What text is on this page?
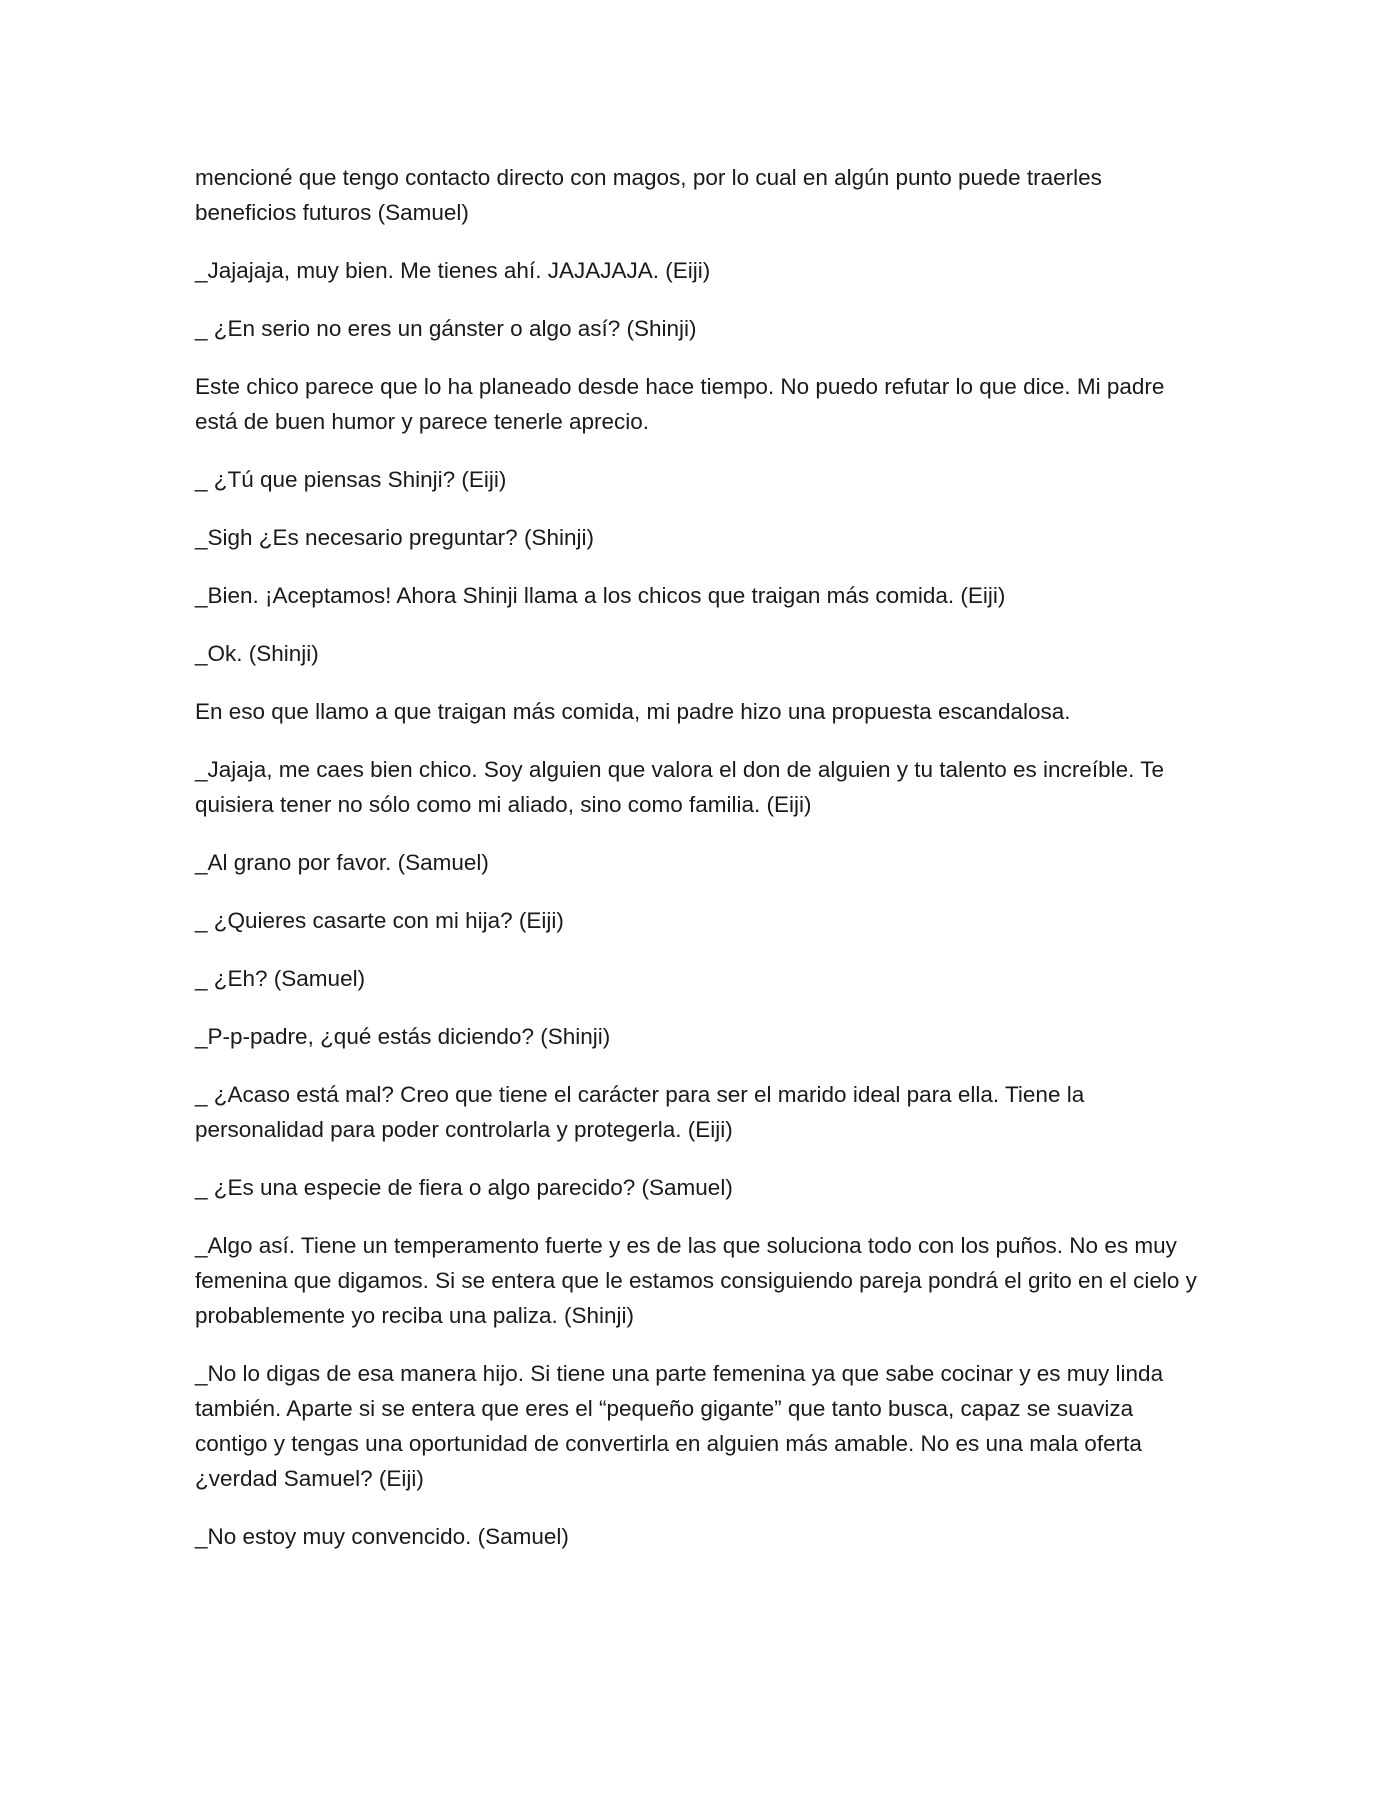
mencioné que tengo contacto directo con magos, por lo cual en algún punto puede traerles beneficios futuros (Samuel)

_Jajajaja, muy bien. Me tienes ahí. JAJAJAJA. (Eiji)

_ ¿En serio no eres un gánster o algo así? (Shinji)

Este chico parece que lo ha planeado desde hace tiempo. No puedo refutar lo que dice. Mi padre está de buen humor y parece tenerle aprecio.

_ ¿Tú que piensas Shinji? (Eiji)

_Sigh ¿Es necesario preguntar? (Shinji)

_Bien. ¡Aceptamos! Ahora Shinji llama a los chicos que traigan más comida. (Eiji)

_Ok. (Shinji)

En eso que llamo a que traigan más comida, mi padre hizo una propuesta escandalosa.

_Jajaja, me caes bien chico. Soy alguien que valora el don de alguien y tu talento es increíble. Te quisiera tener no sólo como mi aliado, sino como familia. (Eiji)

_Al grano por favor. (Samuel)

_ ¿Quieres casarte con mi hija? (Eiji)

_ ¿Eh? (Samuel)

_P-p-padre, ¿qué estás diciendo? (Shinji)

_ ¿Acaso está mal? Creo que tiene el carácter para ser el marido ideal para ella. Tiene la personalidad para poder controlarla y protegerla. (Eiji)

_ ¿Es una especie de fiera o algo parecido? (Samuel)

_Algo así. Tiene un temperamento fuerte y es de las que soluciona todo con los puños. No es muy femenina que digamos. Si se entera que le estamos consiguiendo pareja pondrá el grito en el cielo y probablemente yo reciba una paliza. (Shinji)

_No lo digas de esa manera hijo. Si tiene una parte femenina ya que sabe cocinar y es muy linda también. Aparte si se entera que eres el “pequeño gigante” que tanto busca, capaz se suaviza contigo y tengas una oportunidad de convertirla en alguien más amable. No es una mala oferta ¿verdad Samuel? (Eiji)

_No estoy muy convencido. (Samuel)
